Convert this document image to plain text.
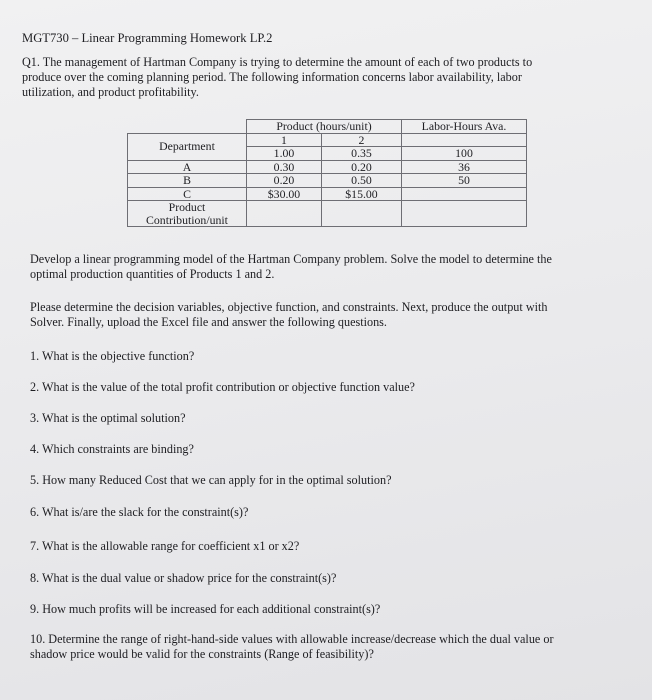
MGT730 – Linear Programming Homework LP.2
Q1. The management of Hartman Company is trying to determine the amount of each of two products to
produce over the coming planning period. The following information concerns labor availability, labor
utilization, and product profitability.
	Product (hours/unit)		Labor-Hours Ava.
Department	1	2	
	1.00	0.35	100
A	0.30	0.20	36
B	0.20	0.50	50
C	$30.00	$15.00	
Product
Contribution/unit			
Develop a linear programming model of the Hartman Company problem. Solve the model to determine the
optimal production quantities of Products 1 and 2.
Please determine the decision variables, objective function, and constraints. Next, produce the output with
Solver. Finally, upload the Excel file and answer the following questions.
1. What is the objective function?
2. What is the value of the total profit contribution or objective function value?
3. What is the optimal solution?
4. Which constraints are binding?
5. How many Reduced Cost that we can apply for in the optimal solution?
6. What is/are the slack for the constraint(s)?
7. What is the allowable range for coefficient x1 or x2?
8. What is the dual value or shadow price for the constraint(s)?
9. How much profits will be increased for each additional constraint(s)?
10. Determine the range of right-hand-side values with allowable increase/decrease which the dual value or
shadow price would be valid for the constraints (Range of feasibility)?
